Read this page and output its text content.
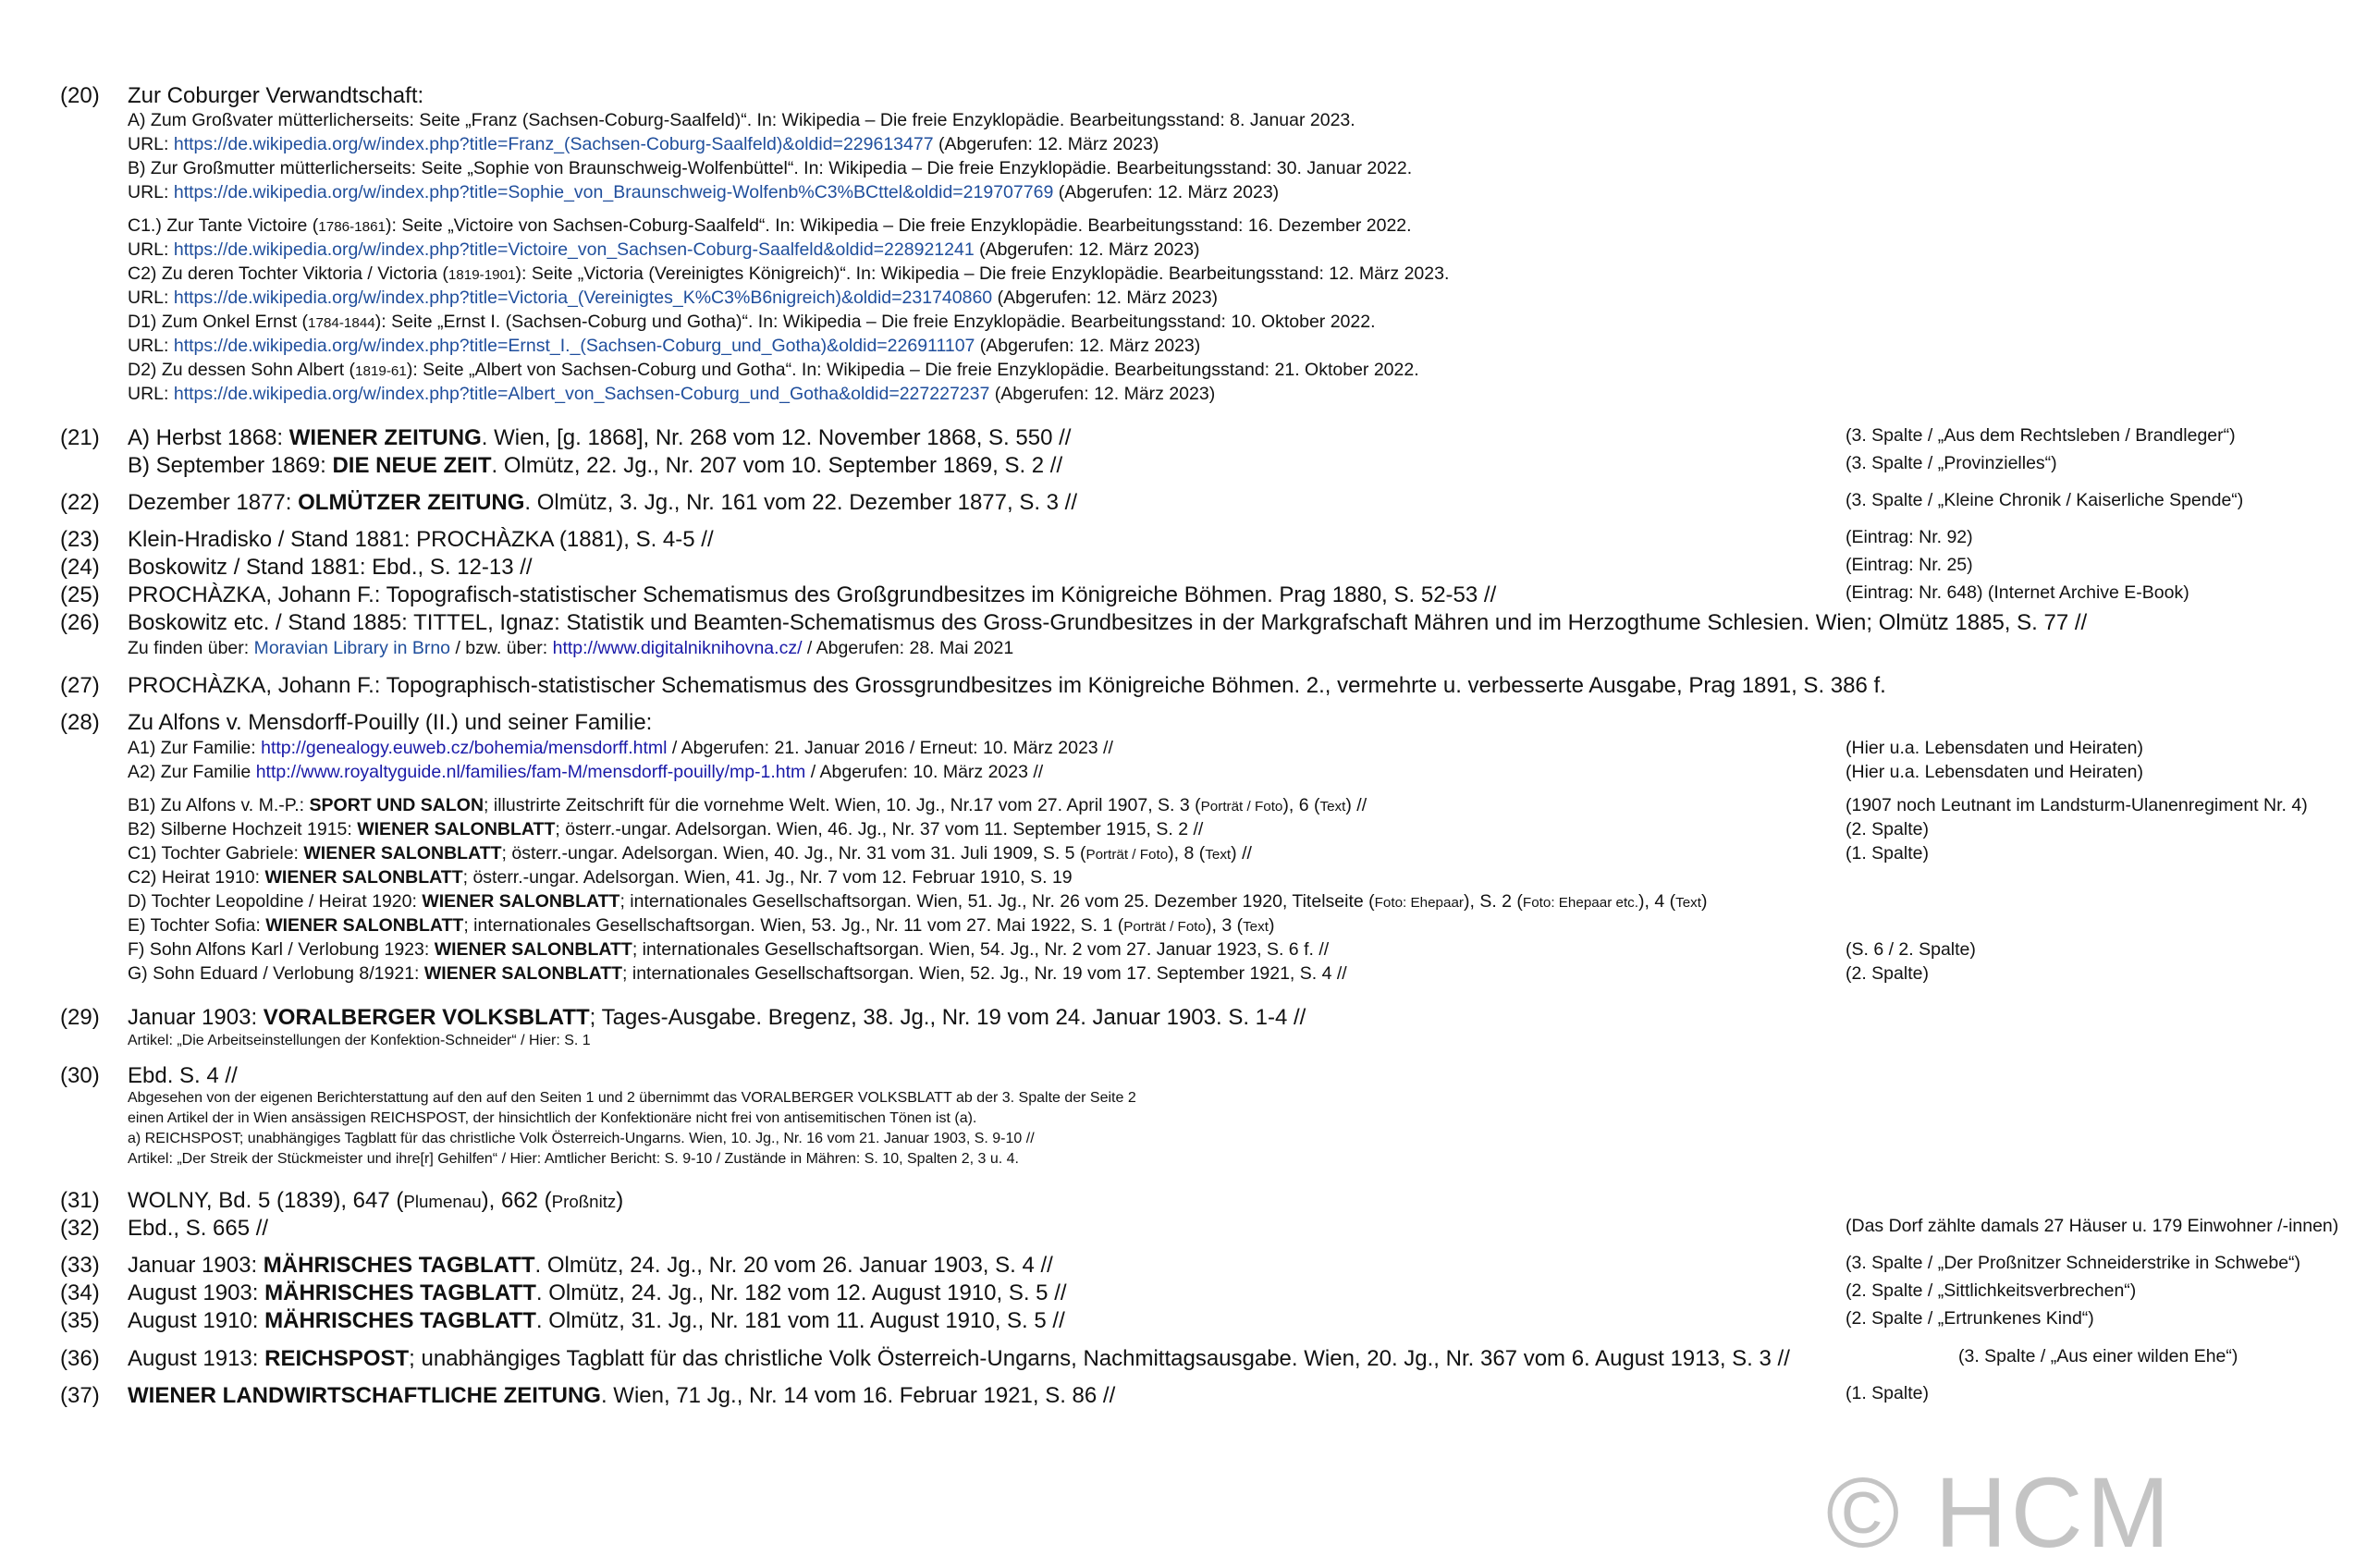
(20) Zur Coburger Verwandtschaft:
A) Zum Großvater mütterlicherseits: Seite „Franz (Sachsen-Coburg-Saalfeld)“. In: Wikipedia – Die freie Enzyklopädie. Bearbeitungsstand: 8. Januar 2023.
URL: https://de.wikipedia.org/w/index.php?title=Franz_(Sachsen-Coburg-Saalfeld)&oldid=229613477 (Abgerufen: 12. März 2023)
B) Zur Großmutter mütterlicherseits: Seite „Sophie von Braunschweig-Wolfenbüttel“. In: Wikipedia – Die freie Enzyklopädie. Bearbeitungsstand: 30. Januar 2022.
URL: https://de.wikipedia.org/w/index.php?title=Sophie_von_Braunschweig-Wolfenb%C3%BCttel&oldid=219707769 (Abgerufen: 12. März 2023)
C1.) Zur Tante Victoire (1786-1861): Seite „Victoire von Sachsen-Coburg-Saalfeld“. In: Wikipedia – Die freie Enzyklopädie. Bearbeitungsstand: 16. Dezember 2022.
URL: https://de.wikipedia.org/w/index.php?title=Victoire_von_Sachsen-Coburg-Saalfeld&oldid=228921241 (Abgerufen: 12. März 2023)
C2) Zu deren Tochter Viktoria / Victoria (1819-1901): Seite „Victoria (Vereinigtes Königreich)“. In: Wikipedia – Die freie Enzyklopädie. Bearbeitungsstand: 12. März 2023.
URL: https://de.wikipedia.org/w/index.php?title=Victoria_(Vereinigtes_K%C3%B6nigreich)&oldid=231740860 (Abgerufen: 12. März 2023)
D1) Zum Onkel Ernst (1784-1844): Seite „Ernst I. (Sachsen-Coburg und Gotha)“. In: Wikipedia – Die freie Enzyklopädie. Bearbeitungsstand: 10. Oktober 2022.
URL: https://de.wikipedia.org/w/index.php?title=Ernst_I._(Sachsen-Coburg_und_Gotha)&oldid=226911107 (Abgerufen: 12. März 2023)
D2) Zu dessen Sohn Albert (1819-61): Seite „Albert von Sachsen-Coburg und Gotha“. In: Wikipedia – Die freie Enzyklopädie. Bearbeitungsstand: 21. Oktober 2022.
URL: https://de.wikipedia.org/w/index.php?title=Albert_von_Sachsen-Coburg_und_Gotha&oldid=227227237 (Abgerufen: 12. März 2023)
(21) A) Herbst 1868: WIENER ZEITUNG. Wien, [g. 1868], Nr. 268 vom 12. November 1868, S. 550 //	(3. Spalte / „Aus dem Rechtsleben / Brandleger“)
B) September 1869: DIE NEUE ZEIT. Olmütz, 22. Jg., Nr. 207 vom 10. September 1869, S. 2 //	(3. Spalte / „Provinzielles“)
(22) Dezember 1877: OLMÜTZER ZEITUNG. Olmütz, 3. Jg., Nr. 161 vom 22. Dezember 1877, S. 3 //	(3. Spalte / „Kleine Chronik / Kaiserliche Spende“)
(23) Klein-Hradisko / Stand 1881: PROCHÀZKA (1881), S. 4-5 //	(Eintrag: Nr. 92)
(24) Boskowitz / Stand 1881: Ebd., S. 12-13 //	(Eintrag: Nr. 25)
(25) PROCHÀZKA, Johann F.: Topografisch-statistischer Schematismus des Großgrundbesitzes im Königreiche Böhmen. Prag 1880, S. 52-53 //	(Eintrag: Nr. 648) (Internet Archive E-Book)
(26) Boskowitz etc. / Stand 1885: TITTEL, Ignaz: Statistik und Beamten-Schematismus des Gross-Grundbesitzes in der Markgrafschaft Mähren und im Herzogthume Schlesien. Wien; Olmütz 1885, S. 77 //
Zu finden über: Moravian Library in Brno / bzw. über: http://www.digitalniknihovna.cz/ / Abgerufen: 28. Mai 2021
(27) PROCHÀZKA, Johann F.: Topographisch-statistischer Schematismus des Grossgrundbesitzes im Königreiche Böhmen. 2., vermehrte u. verbesserte Ausgabe, Prag 1891, S. 386 f.
(28) Zu Alfons v. Mensdorff-Pouilly (II.) und seiner Familie:
A1) Zur Familie: http://genealogy.euweb.cz/bohemia/mensdorff.html / Abgerufen: 21. Januar 2016 / Erneut: 10. März 2023 //	(Hier u.a. Lebensdaten und Heiraten)
A2) Zur Familie http://www.royaltyguide.nl/families/fam-M/mensdorff-pouilly/mp-1.htm / Abgerufen: 10. März 2023 //	(Hier u.a. Lebensdaten und Heiraten)
B1) Zu Alfons v. M.-P.: SPORT UND SALON; illustrirte Zeitschrift für die vornehme Welt. Wien, 10. Jg., Nr.17 vom 27. April 1907, S. 3 (Porträt / Foto), 6 (Text) //	(1907 noch Leutnant im Landsturm-Ulanenregiment Nr. 4)
B2) Silberne Hochzeit 1915: WIENER SALONBLATT; österr.-ungar. Adelsorgan. Wien, 46. Jg., Nr. 37 vom 11. September 1915, S. 2 //	(2. Spalte)
C1) Tochter Gabriele: WIENER SALONBLATT; österr.-ungar. Adelsorgan. Wien, 40. Jg., Nr. 31 vom 31. Juli 1909, S. 5 (Porträt / Foto), 8 (Text) //	(1. Spalte)
C2) Heirat 1910: WIENER SALONBLATT; österr.-ungar. Adelsorgan. Wien, 41. Jg., Nr. 7 vom 12. Februar 1910, S. 19
D) Tochter Leopoldine / Heirat 1920: WIENER SALONBLATT; internationales Gesellschaftsorgan. Wien, 51. Jg., Nr. 26 vom 25. Dezember 1920, Titelseite (Foto: Ehepaar), S. 2 (Foto: Ehepaar etc.), 4 (Text)
E) Tochter Sofia: WIENER SALONBLATT; internationales Gesellschaftsorgan. Wien, 53. Jg., Nr. 11 vom 27. Mai 1922, S. 1 (Porträt / Foto), 3 (Text)
F) Sohn Alfons Karl / Verlobung 1923: WIENER SALONBLATT; internationales Gesellschaftsorgan. Wien, 54. Jg., Nr. 2 vom 27. Januar 1923, S. 6 f. //	(S. 6 / 2. Spalte)
G) Sohn Eduard / Verlobung 8/1921: WIENER SALONBLATT; internationales Gesellschaftsorgan. Wien, 52. Jg., Nr. 19 vom 17. September 1921, S. 4 //	(2. Spalte)
(29) Januar 1903: VORALBERGER VOLKSBLATT; Tages-Ausgabe. Bregenz, 38. Jg., Nr. 19 vom 24. Januar 1903. S. 1-4 //
Artikel: „Die Arbeitseinstellungen der Konfektion-Schneider“ / Hier: S. 1
(30) Ebd. S. 4 //
Abgesehen von der eigenen Berichterstattung auf den auf den Seiten 1 und 2 übernimmt das VORALBERGER VOLKSBLATT ab der 3. Spalte der Seite 2
einen Artikel der in Wien ansässigen REICHSPOST, der hinsichtlich der Konfektionäre nicht frei von antisemitischen Tönen ist (a).
a) REICHSPOST; unabhängiges Tagblatt für das christliche Volk Österreich-Ungarns. Wien, 10. Jg., Nr. 16 vom 21. Januar 1903, S. 9-10 //
Artikel: „Der Streik der Stückmeister und ihre[r] Gehilfen“ / Hier: Amtlicher Bericht: S. 9-10 / Zustände in Mähren: S. 10, Spalten 2, 3 u. 4.
(31) WOLNY, Bd. 5 (1839), 647 (Plumenau), 662 (Proßnitz)
(32) Ebd., S. 665 //	(Das Dorf zählte damals 27 Häuser u. 179 Einwohner /-innen)
(33) Januar 1903: MÄHRISCHES TAGBLATT. Olmütz, 24. Jg., Nr. 20 vom 26. Januar 1903, S. 4 //	(3. Spalte / „Der Proßnitzer Schneiderstrike in Schwebe“)
(34) August 1903: MÄHRISCHES TAGBLATT. Olmütz, 24. Jg., Nr. 182 vom 12. August 1910, S. 5 //	(2. Spalte / „Sittlichkeitsverbrechen“)
(35) August 1910: MÄHRISCHES TAGBLATT. Olmütz, 31. Jg., Nr. 181 vom 11. August 1910, S. 5 //	(2. Spalte / „Ertrunkenes Kind“)
(36) August 1913: REICHSPOST; unabhängiges Tagblatt für das christliche Volk Österreich-Ungarns, Nachmittagsausgabe. Wien, 20. Jg., Nr. 367 vom 6. August 1913, S. 3 //	(3. Spalte / „Aus einer wilden Ehe“)
(37) WIENER LANDWIRTSCHAFTLICHE ZEITUNG. Wien, 71 Jg., Nr. 14 vom 16. Februar 1921, S. 86 //	(1. Spalte)
© HCM
